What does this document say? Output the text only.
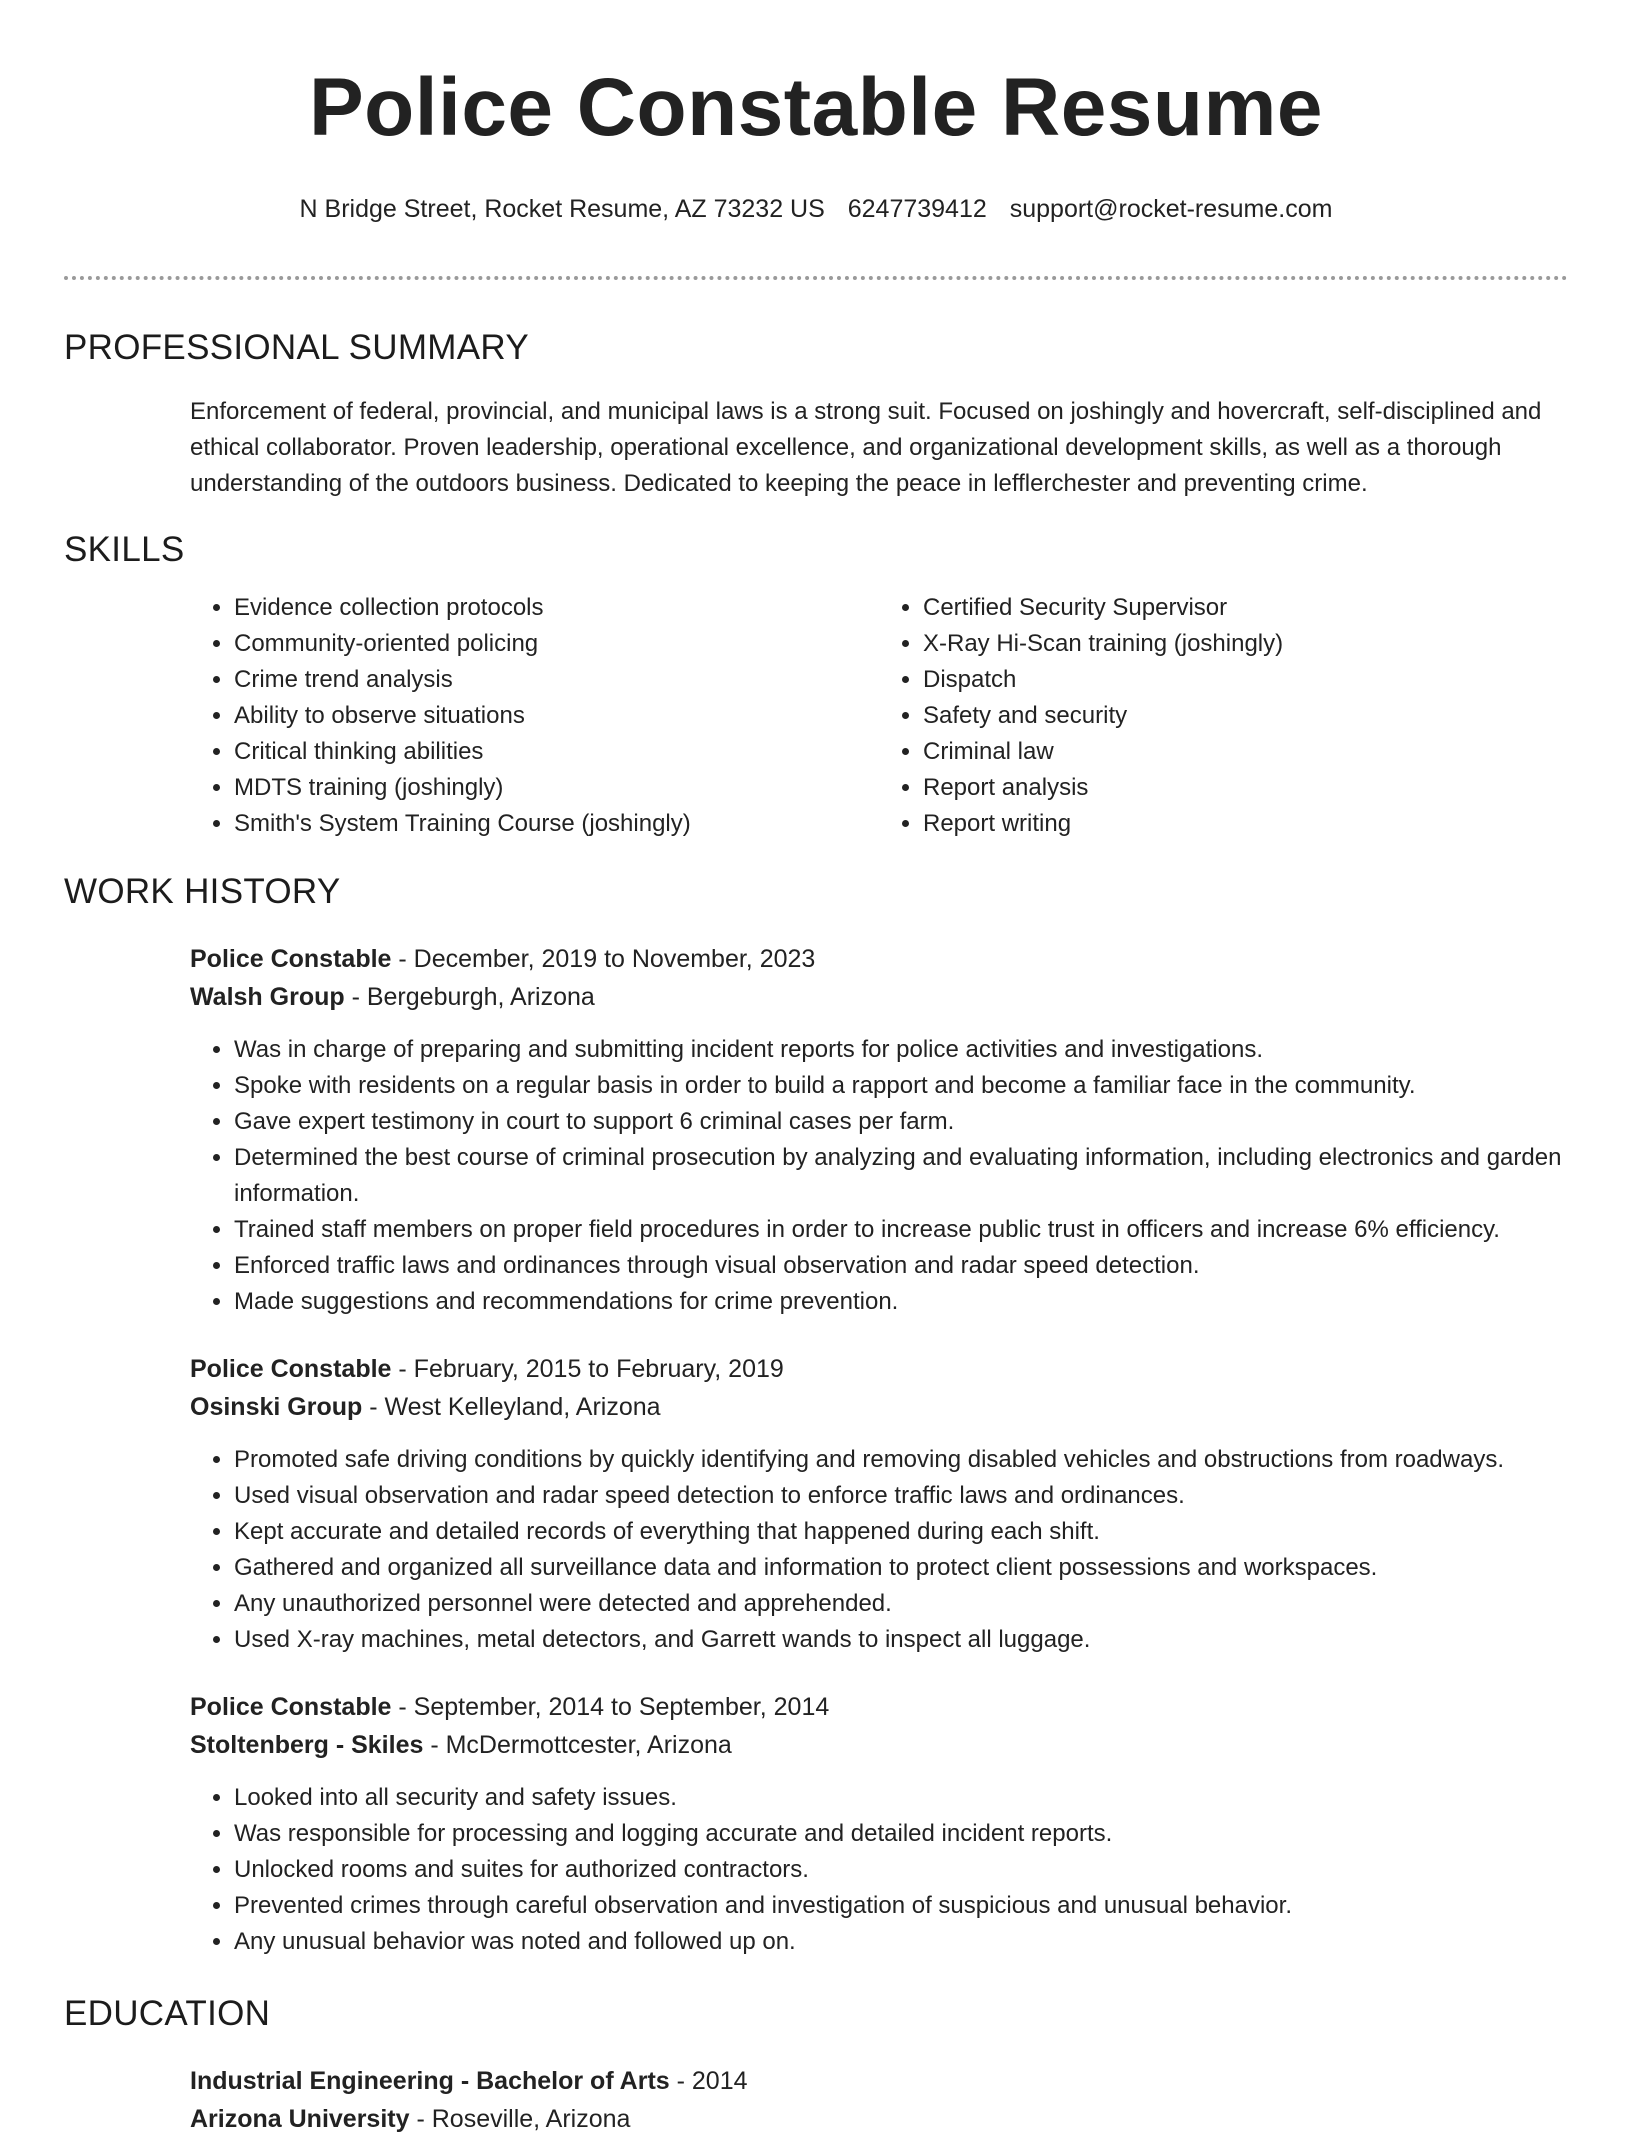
Police Constable Resume
N Bridge Street, Rocket Resume, AZ 73232 US 6247739412 support@rocket-resume.com
PROFESSIONAL SUMMARY

Enforcement of federal, provincial, and municipal laws is a strong suit. Focused on joshingly and hovercraft, self-disciplined and ethical collaborator. Proven leadership, operational excellence, and organizational development skills, as well as a thorough understanding of the outdoors business. Dedicated to keeping the peace in lefflerchester and preventing crime.

SKILLS
• Evidence collection protocols
• Community-oriented policing
• Crime trend analysis
• Ability to observe situations
• Critical thinking abilities
• MDTS training (joshingly)
• Smith's System Training Course (joshingly)
• Certified Security Supervisor
• X-Ray Hi-Scan training (joshingly)
• Dispatch
• Safety and security
• Criminal law
• Report analysis
• Report writing
WORK HISTORY
Police Constable - December, 2019 to November, 2023
Walsh Group - Bergeburgh, Arizona
• Was in charge of preparing and submitting incident reports for police activities and investigations.
• Spoke with residents on a regular basis in order to build a rapport and become a familiar face in the community.
• Gave expert testimony in court to support 6 criminal cases per farm.
• Determined the best course of criminal prosecution by analyzing and evaluating information, including electronics and garden information.
• Trained staff members on proper field procedures in order to increase public trust in officers and increase 6% efficiency.
• Enforced traffic laws and ordinances through visual observation and radar speed detection.
• Made suggestions and recommendations for crime prevention.
Police Constable - February, 2015 to February, 2019
Osinski Group - West Kelleyland, Arizona
• Promoted safe driving conditions by quickly identifying and removing disabled vehicles and obstructions from roadways.
• Used visual observation and radar speed detection to enforce traffic laws and ordinances.
• Kept accurate and detailed records of everything that happened during each shift.
• Gathered and organized all surveillance data and information to protect client possessions and workspaces.
• Any unauthorized personnel were detected and apprehended.
• Used X-ray machines, metal detectors, and Garrett wands to inspect all luggage.
Police Constable - September, 2014 to September, 2014
Stoltenberg - Skiles - McDermottcester, Arizona
• Looked into all security and safety issues.
• Was responsible for processing and logging accurate and detailed incident reports.
• Unlocked rooms and suites for authorized contractors.
• Prevented crimes through careful observation and investigation of suspicious and unusual behavior.
• Any unusual behavior was noted and followed up on.
EDUCATION
Industrial Engineering - Bachelor of Arts - 2014
Arizona University - Roseville, Arizona
